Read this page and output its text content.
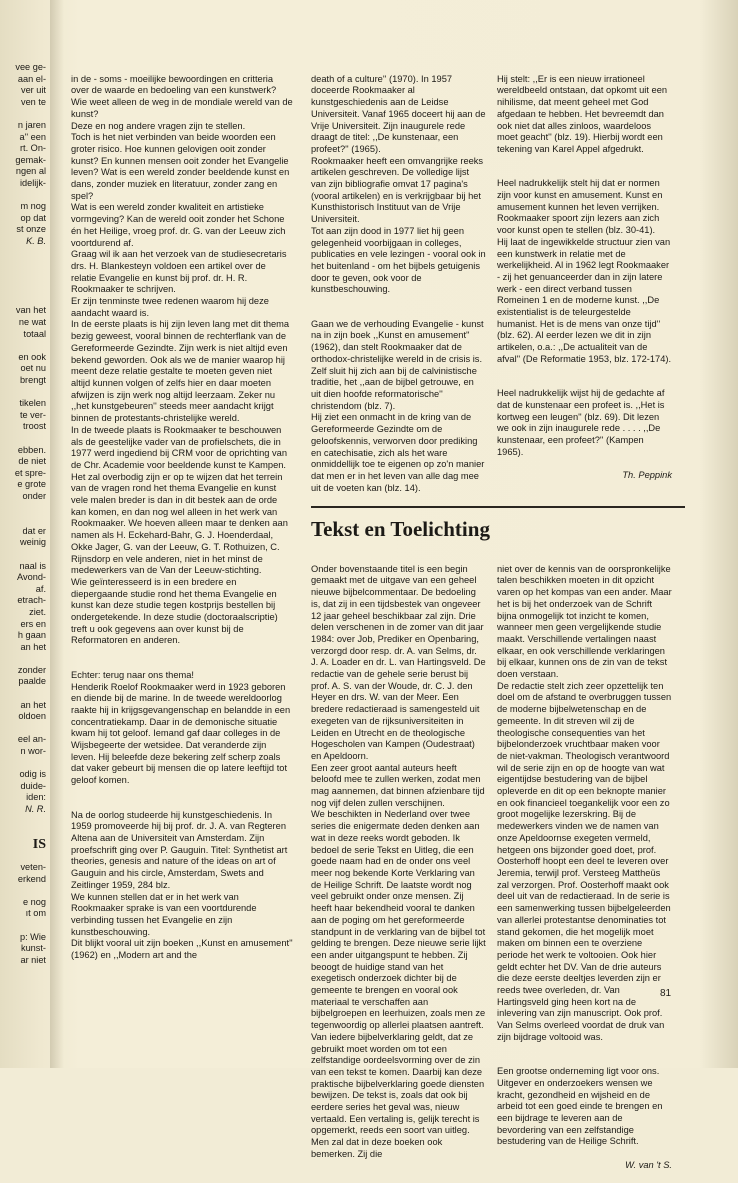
vee ge-
aan el-
ver uit
ven te

n jaren
a'' een
rt. On-
gemak-
ngen al
idelijk-

m nog
op dat
st onze
K. B.

van het
ne wat
totaal

en ook
oet nu
brengt

tikelen
te ver-
troost

ebben.
de niet
et spre-
e grote
onder

dat er
weinig

naal is
Avond-
af.
etrach-
ziet.
ers en
h gaan
an het

zonder
paalde

an het
oldoen

eel an-
n wor-

odig is
duide-
iden:
N. R.

IS

veten-
erkend

e nog
ıt om

p: Wie
kunst-
ar niet

in de - soms - moeilijke bewoordingen en critteria over de waarde en bedoeling van een kunstwerk? Wie weet alleen de weg in de mondiale wereld van de kunst?
Deze en nog andere vragen zijn te stellen.
Toch is het niet verbinden van beide woorden een groter risico. Hoe kunnen gelovigen ooit zonder kunst? En kunnen mensen ooit zonder het Evangelie leven? Wat is een wereld zonder beeldende kunst en dans, zonder muziek en literatuur, zonder zang en spel?
Wat is een wereld zonder kwaliteit en artistieke vormgeving? Kan de wereld ooit zonder het Schone én het Heilige, vroeg prof. dr. G. van der Leeuw zich voortdurend af.
Graag wil ik aan het verzoek van de studiesecretaris drs. H. Blankesteyn voldoen een artikel over de relatie Evangelie en kunst bij prof. dr. H. R. Rookmaaker te schrijven.
Er zijn tenminste twee redenen waarom hij deze aandacht waard is.
In de eerste plaats is hij zijn leven lang met dit thema bezig geweest, vooral binnen de rechterflank van de Gereformeerde Gezindte. Zijn werk is niet altijd even bekend geworden. Ook als we de manier waarop hij meent deze relatie gestalte te moeten geven niet altijd kunnen volgen of zelfs hier en daar moeten afwijzen is zijn werk nog altijd leerzaam. Zeker nu ,,het kunstgebeuren'' steeds meer aandacht krijgt binnen de protestants-christelijke wereld.
In de tweede plaats is Rookmaaker te beschouwen als de geestelijke vader van de profielschets, die in 1977 werd ingediend bij CRM voor de oprichting van de Chr. Academie voor beeldende kunst te Kampen.
Het zal overbodig zijn er op te wijzen dat het terrein van de vragen rond het thema Evangelie en kunst vele malen breder is dan in dit bestek aan de orde kan komen, en dan nog wel alleen in het werk van Rookmaaker. We hoeven alleen maar te denken aan namen als H. Eckehard-Bahr, G. J. Hoenderdaal, Okke Jager, G. van der Leeuw, G. T. Rothuizen, C. Rijnsdorp en vele anderen, niet in het minst de medewerkers van de Van der Leeuw-stichting.
Wie geïnteresseerd is in een bredere en diepergaande studie rond het thema Evangelie en kunst kan deze studie tegen kostprijs bestellen bij ondergetekende. In deze studie (doctoraalscriptie) treft u ook gegevens aan over kunst bij de Reformatoren en anderen.

Echter: terug naar ons thema!
Henderik Roelof Rookmaaker werd in 1923 geboren en diende bij de marine. In de tweede wereldoorlog raakte hij in krijgsgevangenschap en belandde in een concentratiekamp. Daar in de demonische situatie kwam hij tot geloof. Iemand gaf daar colleges in de Wijsbegeerte der wetsidee. Dat veranderde zijn leven. Hij beleefde deze bekering zelf scherp zoals dat vaker gebeurt bij mensen die op latere leeftijd tot geloof komen.

Na de oorlog studeerde hij kunstgeschiedenis. In 1959 promoveerde hij bij prof. dr. J. A. van Regteren Altena aan de Universiteit van Amsterdam. Zijn proefschrift ging over P. Gauguin. Titel: Synthetist art theories, genesis and nature of the ideas on art of Gauguin and his circle, Amsterdam, Swets and Zeitlinger 1959, 284 blz.
We kunnen stellen dat er in het werk van Rookmaaker sprake is van een voortdurende verbinding tussen het Evangelie en zijn kunstbeschouwing.
Dit blijkt vooral uit zijn boeken ,,Kunst en amusement'' (1962) en ,,Modern art and the

death of a culture'' (1970). In 1957 doceerde Rookmaaker al kunstgeschiedenis aan de Leidse Universiteit. Vanaf 1965 doceert hij aan de Vrije Universiteit. Zijn inaugurele rede draagt de titel: ,,De kunstenaar, een profeet?'' (1965).
Rookmaaker heeft een omvangrijke reeks artikelen geschreven. De volledige lijst van zijn bibliografie omvat 17 pagina's (vooral artikelen) en is verkrijgbaar bij het Kunsthistorisch Instituut van de Vrije Universiteit.
Tot aan zijn dood in 1977 liet hij geen gelegenheid voorbijgaan in colleges, publicaties en vele lezingen - vooral ook in het buitenland - om het bijbels getuigenis door te geven, ook voor de kunstbeschouwing.

Gaan we de verhouding Evangelie - kunst na in zijn boek ,,Kunst en amusement'' (1962), dan stelt Rookmaaker dat de orthodox-christelijke wereld in de crisis is. Zelf sluit hij zich aan bij de calvinistische traditie, het ,,aan de bijbel getrouwe, en uit dien hoofde reformatorische'' christendom (blz. 7).
Hij ziet een onmacht in de kring van de Gereformeerde Gezindte om de geloofskennis, verworven door prediking en catechisatie, zich als het ware onmiddellijk toe te eigenen op zo'n manier dat men er in het leven van alle dag mee uit de voeten kan (blz. 14).

Hij stelt: ,,Er is een nieuw irrationeel wereldbeeld ontstaan, dat opkomt uit een nihilisme, dat meent geheel met God afgedaan te hebben. Het bevreemdt dan ook niet dat alles zinloos, waardeloos moet geacht'' (blz. 19). Hierbij wordt een tekening van Karel Appel afgedrukt.

Heel nadrukkelijk stelt hij dat er normen zijn voor kunst en amusement. Kunst en amusement kunnen het leven verrijken. Rookmaaker spoort zijn lezers aan zich voor kunst open te stellen (blz. 30-41).
Hij laat de ingewikkelde structuur zien van een kunstwerk in relatie met de werkelijkheid. Al in 1962 legt Rookmaaker - zij het genuanceerder dan in zijn latere werk - een direct verband tussen Romeinen 1 en de moderne kunst. ,,De existentialist is de teleurgestelde humanist. Het is de mens van onze tijd'' (blz. 62). Al eerder lezen we dit in zijn artikelen, o.a.: ,,De actualiteit van de afval'' (De Reformatie 1953, blz. 172-174).

Heel nadrukkelijk wijst hij de gedachte af dat de kunstenaar een profeet is. ,,Het is kortweg een leugen'' (blz. 69). Dit lezen we ook in zijn inaugurele rede . . . . ,,De kunstenaar, een profeet?'' (Kampen 1965).

Th. Peppink

Tekst en Toelichting

Onder bovenstaande titel is een begin gemaakt met de uitgave van een geheel nieuwe bijbelcommentaar. De bedoeling is, dat zij in een tijdsbestek van ongeveer 12 jaar geheel beschikbaar zal zijn. Drie delen verschenen in de zomer van dit jaar 1984: over Job, Prediker en Openbaring, verzorgd door resp. dr. A. van Selms, dr. J. A. Loader en dr. L. van Hartingsveld. De redactie van de gehele serie berust bij prof. A. S. van der Woude, dr. C. J. den Heyer en drs. W. van der Meer. Een bredere redactieraad is samengesteld uit exegeten van de rijksuniversiteiten in Leiden en Utrecht en de theologische Hogescholen van Kampen (Oudestraat) en Apeldoorn.
Een zeer groot aantal auteurs heeft beloofd mee te zullen werken, zodat men mag aannemen, dat binnen afzienbare tijd nog vijf delen zullen verschijnen.
We beschikten in Nederland over twee series die enigermate deden denken aan wat in deze reeks wordt geboden. Ik bedoel de serie Tekst en Uitleg, die een goede naam had en de onder ons veel meer nog bekende Korte Verklaring van de Heilige Schrift. De laatste wordt nog veel gebruikt onder onze mensen. Zij heeft haar bekendheid vooral te danken aan de poging om het gereformeerde standpunt in de verklaring van de bijbel tot gelding te brengen. Deze nieuwe serie lijkt een ander uitgangspunt te hebben. Zij beoogt de huidige stand van het exegetisch onderzoek dichter bij de gemeente te brengen en vooral ook materiaal te verschaffen aan bijbelgroepen en leerhuizen, zoals men ze tegenwoordig op allerlei plaatsen aantreft.
Van iedere bijbelverklaring geldt, dat ze gebruikt moet worden om tot een zelfstandige oordeelsvorming over de zin van een tekst te komen. Daarbij kan deze praktische bijbelverklaring goede diensten bewijzen. De tekst is, zoals dat ook bij eerdere series het geval was, nieuw vertaald. Een vertaling is, gelijk terecht is opgemerkt, reeds een soort van uitleg. Men zal dat in deze boeken ook bemerken. Zij die

niet over de kennis van de oorspronkelijke talen beschikken moeten in dit opzicht varen op het kompas van een ander. Maar het is bij het onderzoek van de Schrift bijna onmogelijk tot inzicht te komen, wanneer men geen vergelijkende studie maakt. Verschillende vertalingen naast elkaar, en ook verschillende verklaringen bij elkaar, kunnen ons de zin van de tekst doen verstaan.
De redactie stelt zich zeer opzettelijk ten doel om de afstand te overbruggen tussen de moderne bijbelwetenschap en de gemeente. In dit streven wil zij de theologische consequenties van het bijbelonderzoek vruchtbaar maken voor de niet-vakman. Theologisch verantwoord wil de serie zijn en op de hoogte van wat eigentijdse bestudering van de bijbel opleverde en dit op een beknopte manier en ook financieel toegankelijk voor een zo groot mogelijke lezerskring. Bij de medewerkers vinden we de namen van onze Apeldoornse exegeten vermeld, hetgeen ons bijzonder goed doet, prof. Oosterhoff hoopt een deel te leveren over Jeremia, terwijl prof. Versteeg Mattheüs zal verzorgen. Prof. Oosterhoff maakt ook deel uit van de redactieraad. In de serie is een samenwerking tussen bijbelgeleerden van allerlei protestantse denominaties tot stand gekomen, die het mogelijk moet maken om binnen een te overziene periode het werk te voltooien. Ook hier geldt echter het DV. Van de drie auteurs die deze eerste deeltjes leverden zijn er reeds twee overleden, dr. Van Hartingsveld ging heen kort na de inlevering van zijn manuscript. Ook prof. Van Selms overleed voordat de druk van zijn bijdrage voltooid was.

Een grootse onderneming ligt voor ons. Uitgever en onderzoekers wensen we kracht, gezondheid en wijsheid en de arbeid tot een goed einde te brengen en een bijdrage te leveren aan de bevordering van een zelfstandige bestudering van de Heilige Schrift.

W. van 't S.

81
